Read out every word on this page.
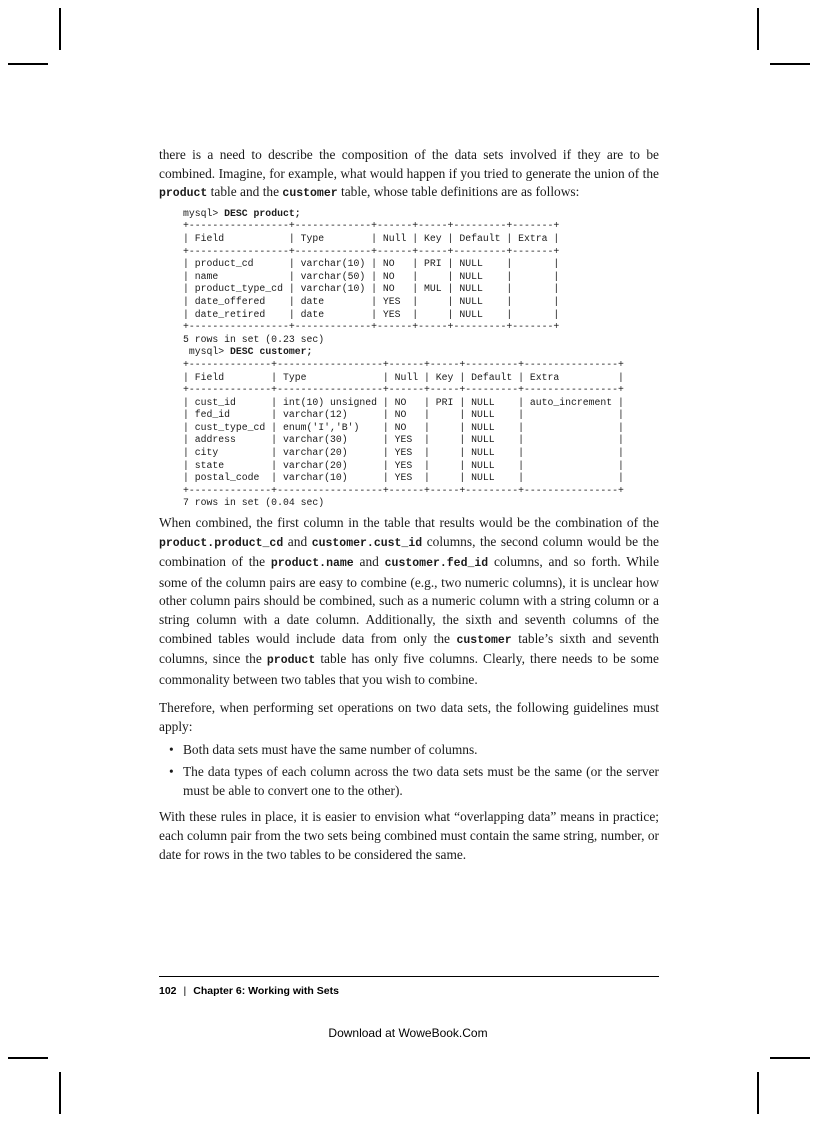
there is a need to describe the composition of the data sets involved if they are to be combined. Imagine, for example, what would happen if you tried to generate the union of the product table and the customer table, whose table definitions are as follows:

mysql> DESC product;
+-----------------+-------------+------+-----+---------+-------+
| Field           | Type        | Null | Key | Default | Extra |
+-----------------+-------------+------+-----+---------+-------+
| product_cd      | varchar(10) | NO   | PRI | NULL    |       |
| name            | varchar(50) | NO   |     | NULL    |       |
| product_type_cd | varchar(10) | NO   | MUL | NULL    |       |
| date_offered    | date        | YES  |     | NULL    |       |
| date_retired    | date        | YES  |     | NULL    |       |
+-----------------+-------------+------+-----+---------+-------+
5 rows in set (0.23 sec)
mysql> DESC customer;
+--------------+------------------+------+-----+---------+----------------+
| Field        | Type             | Null | Key | Default | Extra          |
+--------------+------------------+------+-----+---------+----------------+
| cust_id      | int(10) unsigned | NO   | PRI | NULL    | auto_increment |
| fed_id       | varchar(12)      | NO   |     | NULL    |                |
| cust_type_cd | enum('I','B')    | NO   |     | NULL    |                |
| address      | varchar(30)      | YES  |     | NULL    |                |
| city         | varchar(20)      | YES  |     | NULL    |                |
| state        | varchar(20)      | YES  |     | NULL    |                |
| postal_code  | varchar(10)      | YES  |     | NULL    |                |
+--------------+------------------+------+-----+---------+----------------+
7 rows in set (0.04 sec)

When combined, the first column in the table that results would be the combination of the product.product_cd and customer.cust_id columns, the second column would be the combination of the product.name and customer.fed_id columns, and so forth. While some of the column pairs are easy to combine (e.g., two numeric columns), it is unclear how other column pairs should be combined, such as a numeric column with a string column or a string column with a date column. Additionally, the sixth and seventh columns of the combined tables would include data from only the customer table’s sixth and seventh columns, since the product table has only five columns. Clearly, there needs to be some commonality between two tables that you wish to combine.

Therefore, when performing set operations on two data sets, the following guidelines must apply:

• Both data sets must have the same number of columns.
• The data types of each column across the two data sets must be the same (or the server must be able to convert one to the other).

With these rules in place, it is easier to envision what “overlapping data” means in practice; each column pair from the two sets being combined must contain the same string, number, or date for rows in the two tables to be considered the same.

102 | Chapter 6: Working with Sets
Download at WoweBook.Com
